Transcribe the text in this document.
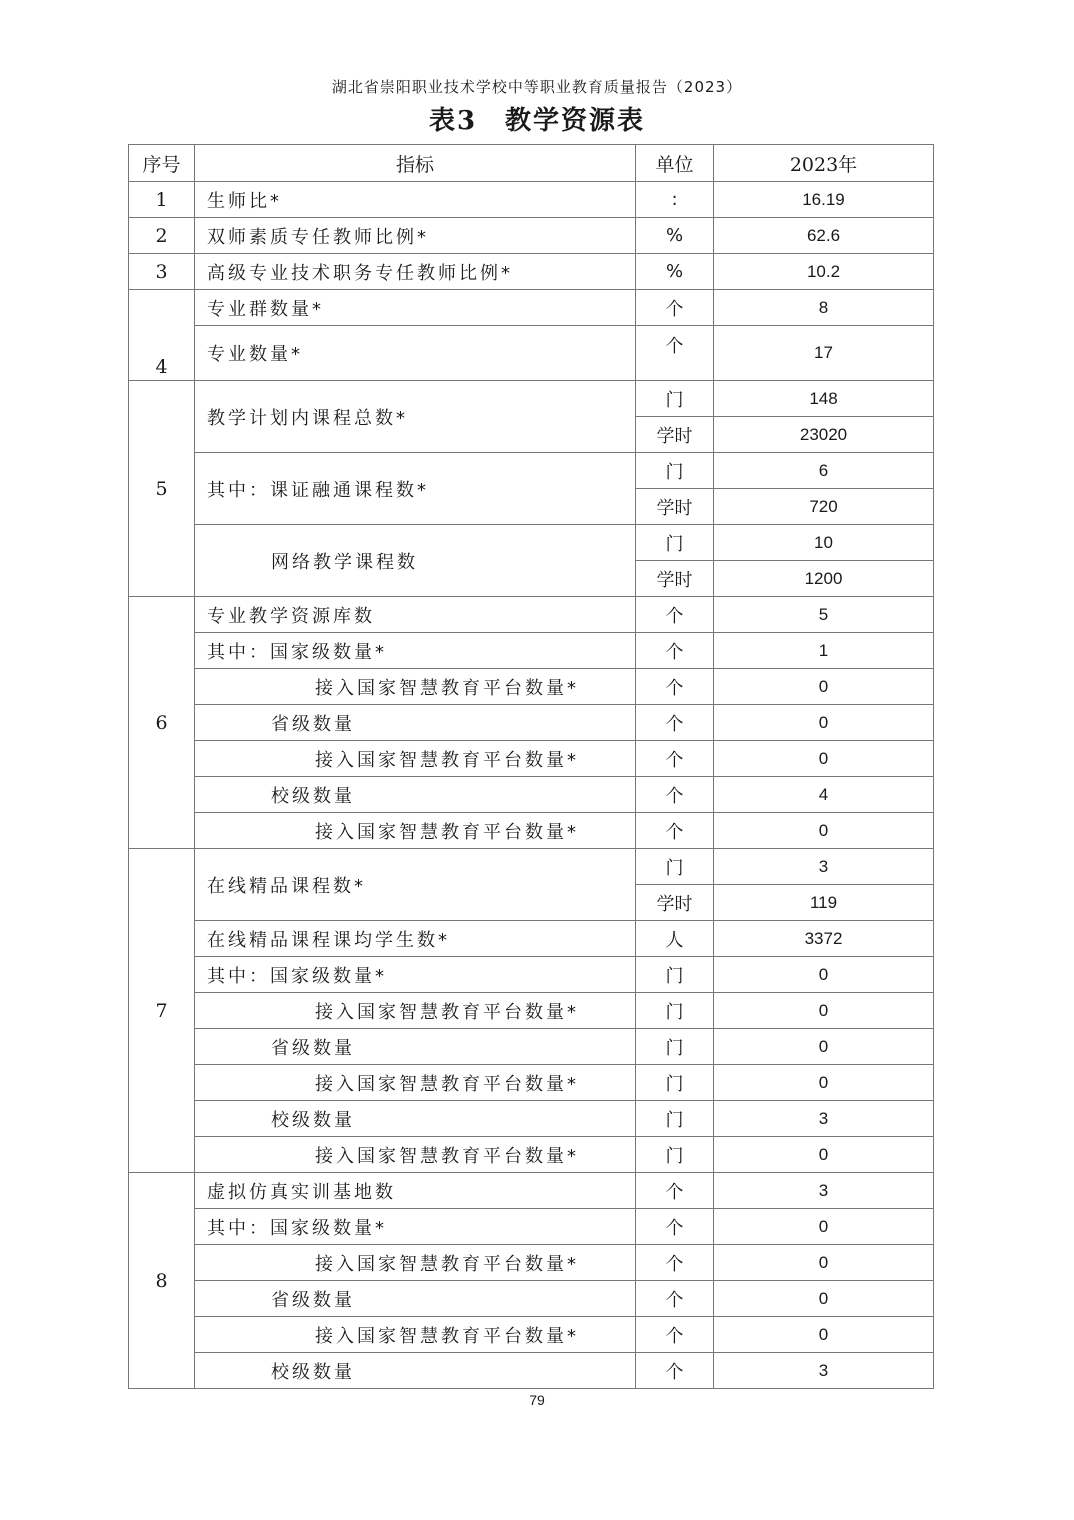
湖北省崇阳职业技术学校中等职业教育质量报告（2023）
表3　教学资源表
序号	指标	单位	2023年
1	生师比*	:	16.19
2	双师素质专任教师比例*	%	62.6
3	高级专业技术职务专任教师比例*	%	10.2
4	专业群数量*	个	8
	专业数量*	个	17
5	教学计划内课程总数*	门	148
		学时	23020
	其中：课证融通课程数*	门	6
		学时	720
	网络教学课程数	门	10
		学时	1200
6	专业教学资源库数	个	5
	其中：国家级数量*	个	1
	接入国家智慧教育平台数量*	个	0
	省级数量	个	0
	接入国家智慧教育平台数量*	个	0
	校级数量	个	4
	接入国家智慧教育平台数量*	个	0
7	在线精品课程数*	门	3
		学时	119
	在线精品课程课均学生数*	人	3372
	其中：国家级数量*	门	0
	接入国家智慧教育平台数量*	门	0
	省级数量	门	0
	接入国家智慧教育平台数量*	门	0
	校级数量	门	3
	接入国家智慧教育平台数量*	门	0
8	虚拟仿真实训基地数	个	3
	其中：国家级数量*	个	0
	接入国家智慧教育平台数量*	个	0
	省级数量	个	0
	接入国家智慧教育平台数量*	个	0
	校级数量	个	3
79
